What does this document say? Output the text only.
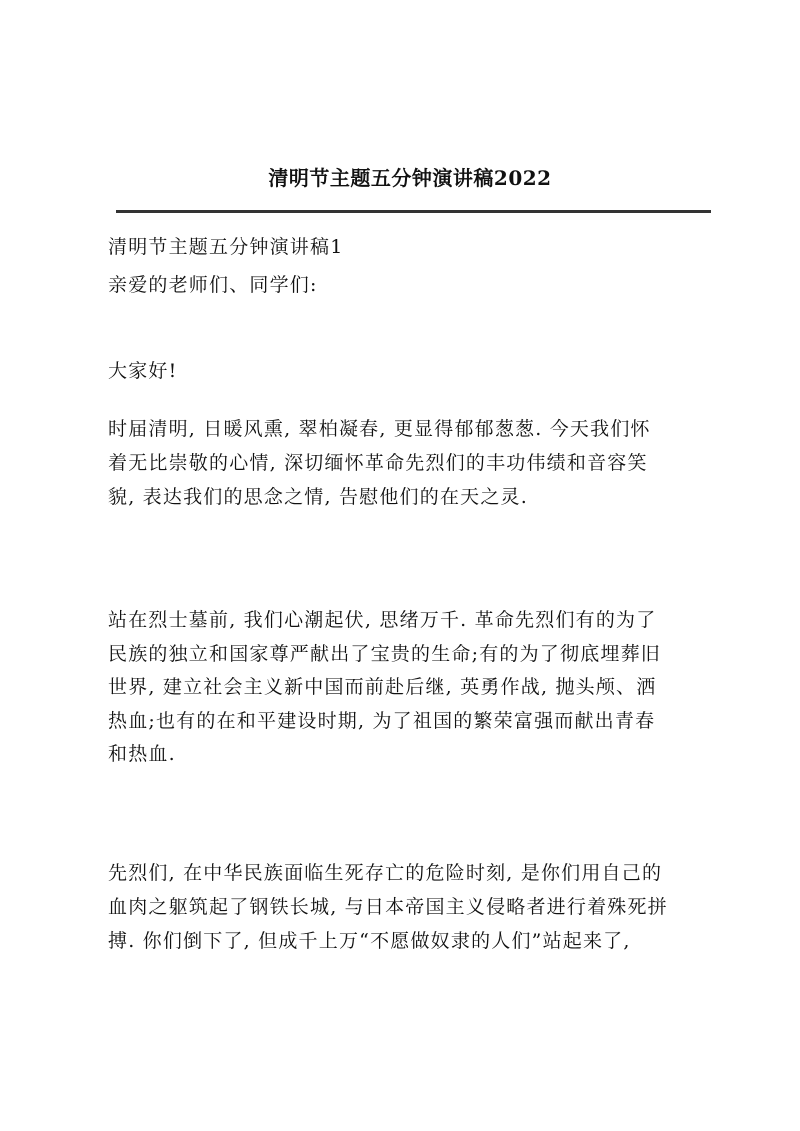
清明节主题五分钟演讲稿2022

清明节主题五分钟演讲稿1

亲爱的老师们、同学们:

大家好!

时届清明, 日暖风熏, 翠柏凝春, 更显得郁郁葱葱. 今天我们怀
着无比崇敬的心情, 深切缅怀革命先烈们的丰功伟绩和音容笑
貌, 表达我们的思念之情, 告慰他们的在天之灵.

站在烈士墓前, 我们心潮起伏, 思绪万千. 革命先烈们有的为了
民族的独立和国家尊严献出了宝贵的生命;有的为了彻底埋葬旧
世界, 建立社会主义新中国而前赴后继, 英勇作战, 抛头颅、洒
热血;也有的在和平建设时期, 为了祖国的繁荣富强而献出青春
和热血.

先烈们, 在中华民族面临生死存亡的危险时刻, 是你们用自己的
血肉之躯筑起了钢铁长城, 与日本帝国主义侵略者进行着殊死拼
搏. 你们倒下了, 但成千上万“不愿做奴隶的人们”站起来了,
